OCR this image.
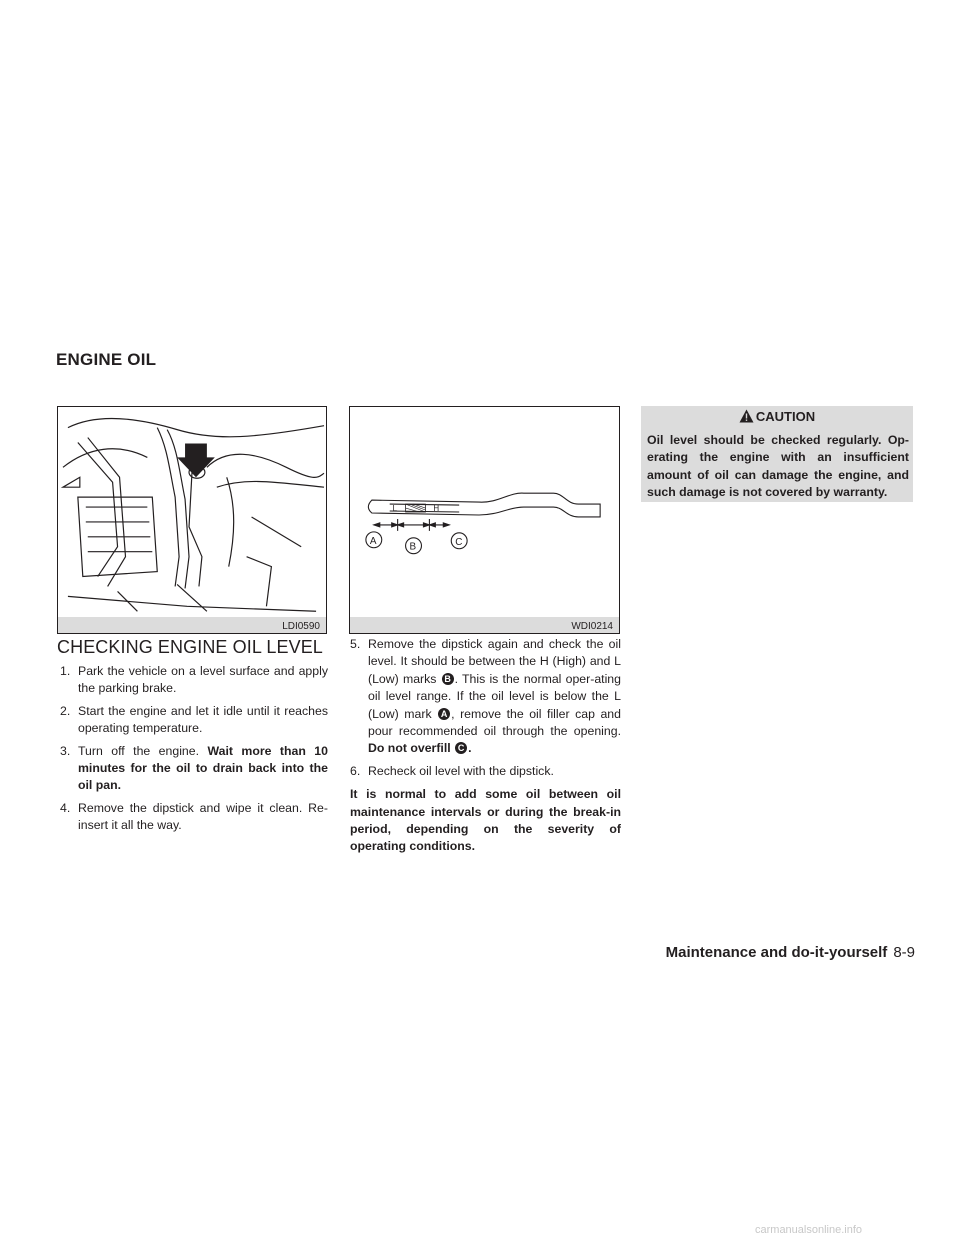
ENGINE OIL
LDI0590
L	H
A
B	C
WDI0214
CHECKING ENGINE OIL LEVEL
1. Park the vehicle on a level surface and apply the parking brake.
2. Start the engine and let it idle until it reaches operating temperature.
3. Turn off the engine. Wait more than 10 minutes for the oil to drain back into the oil pan.
4. Remove the dipstick and wipe it clean. Re-insert it all the way.
5. Remove the dipstick again and check the oil level. It should be between the H (High) and L (Low) marks B . This is the normal oper-ating oil level range. If the oil level is below the L (Low) mark A , remove the oil filler cap and pour recommended oil through the opening. Do not overfill C .
6. Recheck oil level with the dipstick.
It is normal to add some oil between oil maintenance intervals or during the break-in period, depending on the severity of operating conditions.
CAUTION
Oil level should be checked regularly. Op-erating the engine with an insufficient amount of oil can damage the engine, and such damage is not covered by warranty.
Maintenance and do-it-yourself 8-9
carmanualsonline.info
